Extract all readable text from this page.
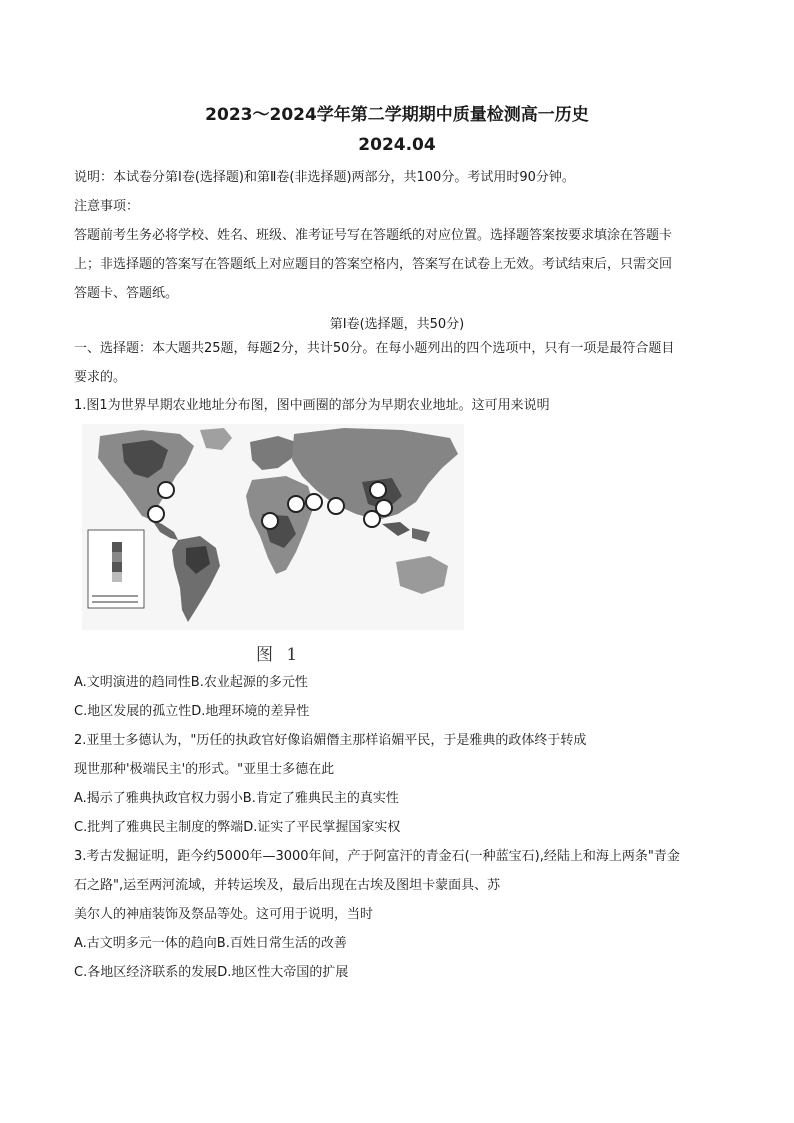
2023～2024学年第二学期期中质量检测高一历史
2024.04
说明：本试卷分第Ⅰ卷(选择题)和第Ⅱ卷(非选择题)两部分，共100分。考试用时90分钟。
注意事项：
答题前考生务必将学校、姓名、班级、准考证号写在答题纸的对应位置。选择题答案按要求填涂在答题卡
上；非选择题的答案写在答题纸上对应题目的答案空格内，答案写在试卷上无效。考试结束后，只需交回
答题卡、答题纸。
第Ⅰ卷(选择题，共50分)
一、选择题：本大题共25题，每题2分，共计50分。在每小题列出的四个选项中，只有一项是最符合题目
要求的。
1.图1为世界早期农业地址分布图，图中画圈的部分为早期农业地址。这可用来说明
图 1
A.文明演进的趋同性B.农业起源的多元性
C.地区发展的孤立性D.地理环境的差异性
2.亚里士多德认为，"历任的执政官好像谄媚僭主那样谄媚平民，于是雅典的政体终于转成
现世那种'极端民主'的形式。"亚里士多德在此
A.揭示了雅典执政官权力弱小B.肯定了雅典民主的真实性
C.批判了雅典民主制度的弊端D.证实了平民掌握国家实权
3.考古发掘证明，距今约5000年—3000年间，产于阿富汗的青金石(一种蓝宝石),经陆上和海上两条"青金
石之路",运至两河流域，并转运埃及，最后出现在古埃及图坦卡蒙面具、苏
美尔人的神庙装饰及祭品等处。这可用于说明，当时
A.古文明多元一体的趋向B.百姓日常生活的改善
C.各地区经济联系的发展D.地区性大帝国的扩展
